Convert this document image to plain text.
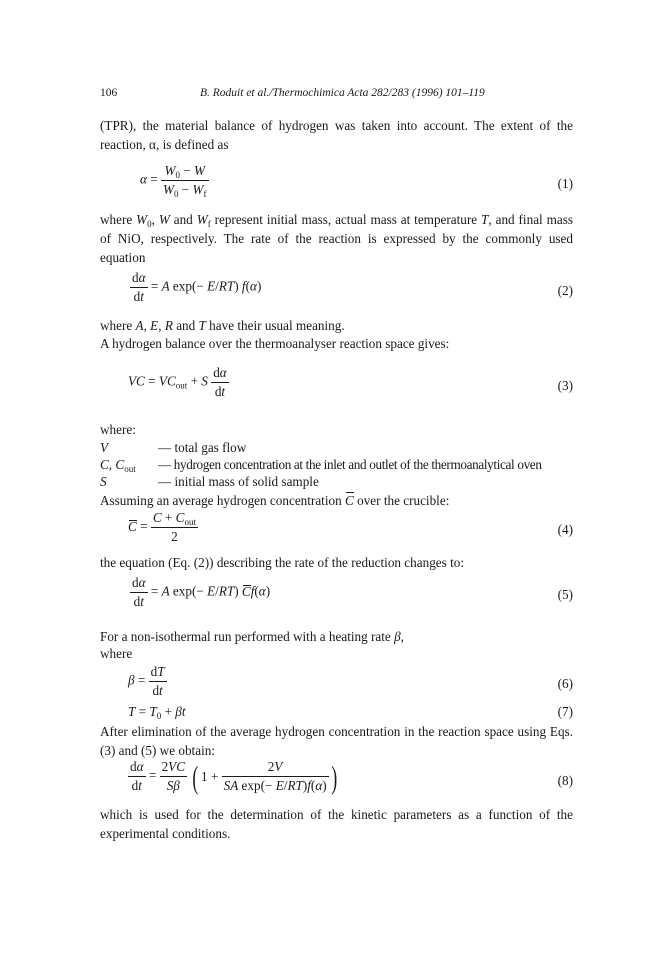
106	B. Roduit et al./Thermochimica Acta 282/283 (1996) 101–119
(TPR), the material balance of hydrogen was taken into account. The extent of the reaction, α, is defined as
$\alpha = \frac{W_0 - W}{W_0 - W_f}$	(1)
where $W_0$, W and $W_f$ represent initial mass, actual mass at temperature T, and final mass of NiO, respectively. The rate of the reaction is expressed by the commonly used equation
$\frac{d\alpha}{dt} = A$ exp(− E/RT) f(α)	(2)
where A, E, R and T have their usual meaning.
A hydrogen balance over the thermoanalyser reaction space gives:
VC = $VC_{out} + S \frac{d\alpha}{dt}$	(3)
where:
V	— total gas flow
C, $C_{out}$ — hydrogen concentration at the inlet and outlet of the thermoanalytical oven
S	— initial mass of solid sample
Assuming an average hydrogen concentration C over the crucible:
$C = \frac{C + C_{out}}{2}$	(4)
the equation (Eq. (2)) describing the rate of the reduction changes to:
$\frac{d\alpha}{dt} = A$ exp(− E/RT) Cf(α)	(5)
For a non-isothermal run performed with a heating rate β,
where
$\beta = \frac{dT}{dt}$	(6)
$T = T_0 + \beta t$	(7)
After elimination of the average hydrogen concentration in the reaction space using Eqs. (3) and (5) we obtain:
$\frac{d\alpha}{dt} = \frac{2VC}{S\beta}$ ( $1 + \frac{2V}{\text{SA exp(− E/RT)f(α)}}$ )	(8)
which is used for the determination of the kinetic parameters as a function of the experimental conditions.
